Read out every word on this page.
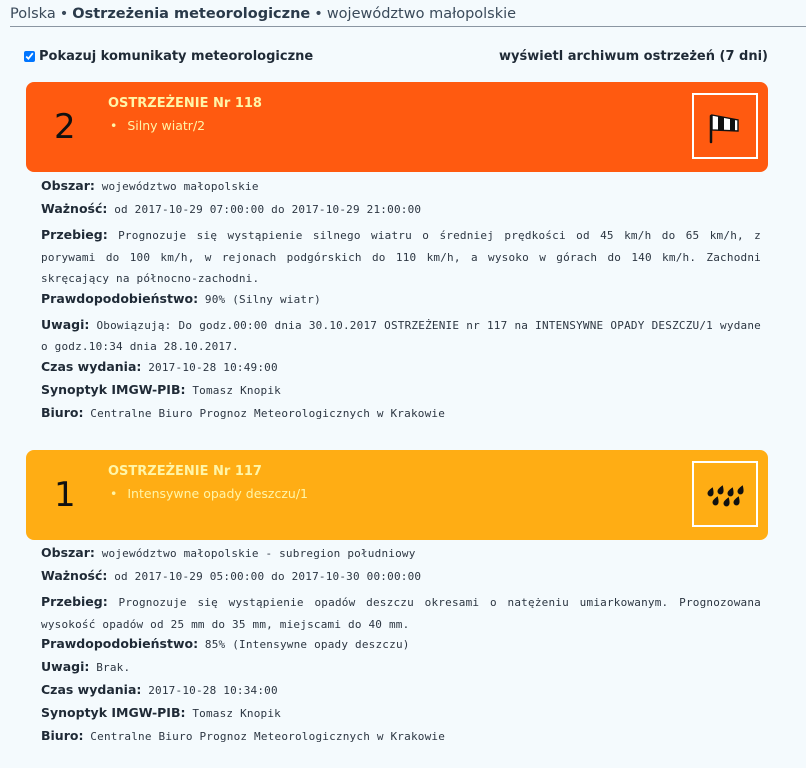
Polska • Ostrzeżenia meteorologiczne • województwo małopolskie
Pokazuj komunikaty meteorologiczne	wyświetl archiwum ostrzeżeń (7 dni)
2
OSTRZEŻENIE Nr 118
• Silny wiatr/2
Obszar: województwo małopolskie
Ważność: od 2017-10-29 07:00:00 do 2017-10-29 21:00:00
Przebieg: Prognozuje się wystąpienie silnego wiatru o średniej prędkości od 45 km/h do 65 km/h, z porywami do 100 km/h, w rejonach podgórskich do 110 km/h, a wysoko w górach do 140 km/h. Zachodni skręcający na północno-zachodni.
Prawdopodobieństwo: 90% (Silny wiatr)
Uwagi: Obowiązują: Do godz.00:00 dnia 30.10.2017 OSTRZEŻENIE nr 117 na INTENSYWNE OPADY DESZCZU/1 wydane o godz.10:34 dnia 28.10.2017.
Czas wydania: 2017-10-28 10:49:00
Synoptyk IMGW-PIB: Tomasz Knopik
Biuro: Centralne Biuro Prognoz Meteorologicznych w Krakowie
1
OSTRZEŻENIE Nr 117
• Intensywne opady deszczu/1
Obszar: województwo małopolskie - subregion południowy
Ważność: od 2017-10-29 05:00:00 do 2017-10-30 00:00:00
Przebieg: Prognozuje się wystąpienie opadów deszczu okresami o natężeniu umiarkowanym. Prognozowana wysokość opadów od 25 mm do 35 mm, miejscami do 40 mm.
Prawdopodobieństwo: 85% (Intensywne opady deszczu)
Uwagi: Brak.
Czas wydania: 2017-10-28 10:34:00
Synoptyk IMGW-PIB: Tomasz Knopik
Biuro: Centralne Biuro Prognoz Meteorologicznych w Krakowie
